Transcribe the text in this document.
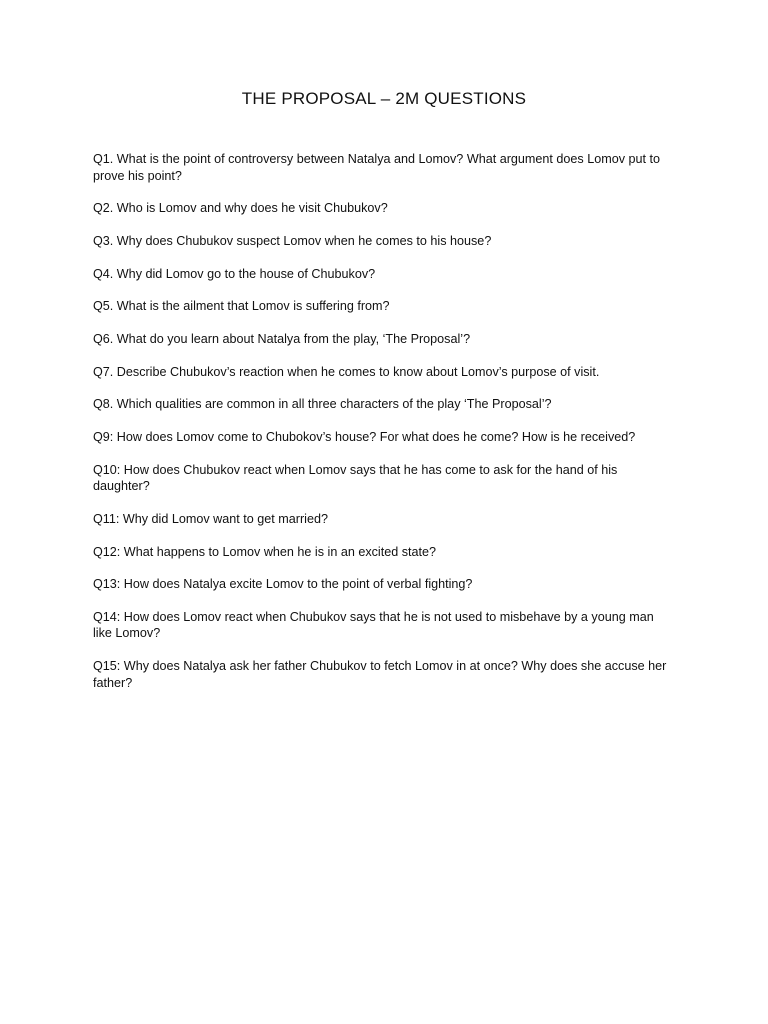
THE PROPOSAL – 2M QUESTIONS
Q1. What is the point of controversy between Natalya and Lomov? What argument does Lomov put to prove his point?
Q2. Who is Lomov and why does he visit Chubukov?
Q3. Why does Chubukov suspect Lomov when he comes to his house?
Q4. Why did Lomov go to the house of Chubukov?
Q5. What is the ailment that Lomov is suffering from?
Q6. What do you learn about Natalya from the play, ‘The Proposal’?
Q7. Describe Chubukov’s reaction when he comes to know about Lomov’s purpose of visit.
Q8. Which qualities are common in all three characters of the play ‘The Proposal’?
Q9: How does Lomov come to Chubokov’s house? For what does he come? How is he received?
Q10: How does Chubukov react when Lomov says that he has come to ask for the hand of his daughter?
Q11: Why did Lomov want to get married?
Q12: What happens to Lomov when he is in an excited state?
Q13: How does Natalya excite Lomov to the point of verbal fighting?
Q14: How does Lomov react when Chubukov says that he is not used to misbehave by a young man like Lomov?
Q15: Why does Natalya ask her father Chubukov to fetch Lomov in at once? Why does she accuse her father?
